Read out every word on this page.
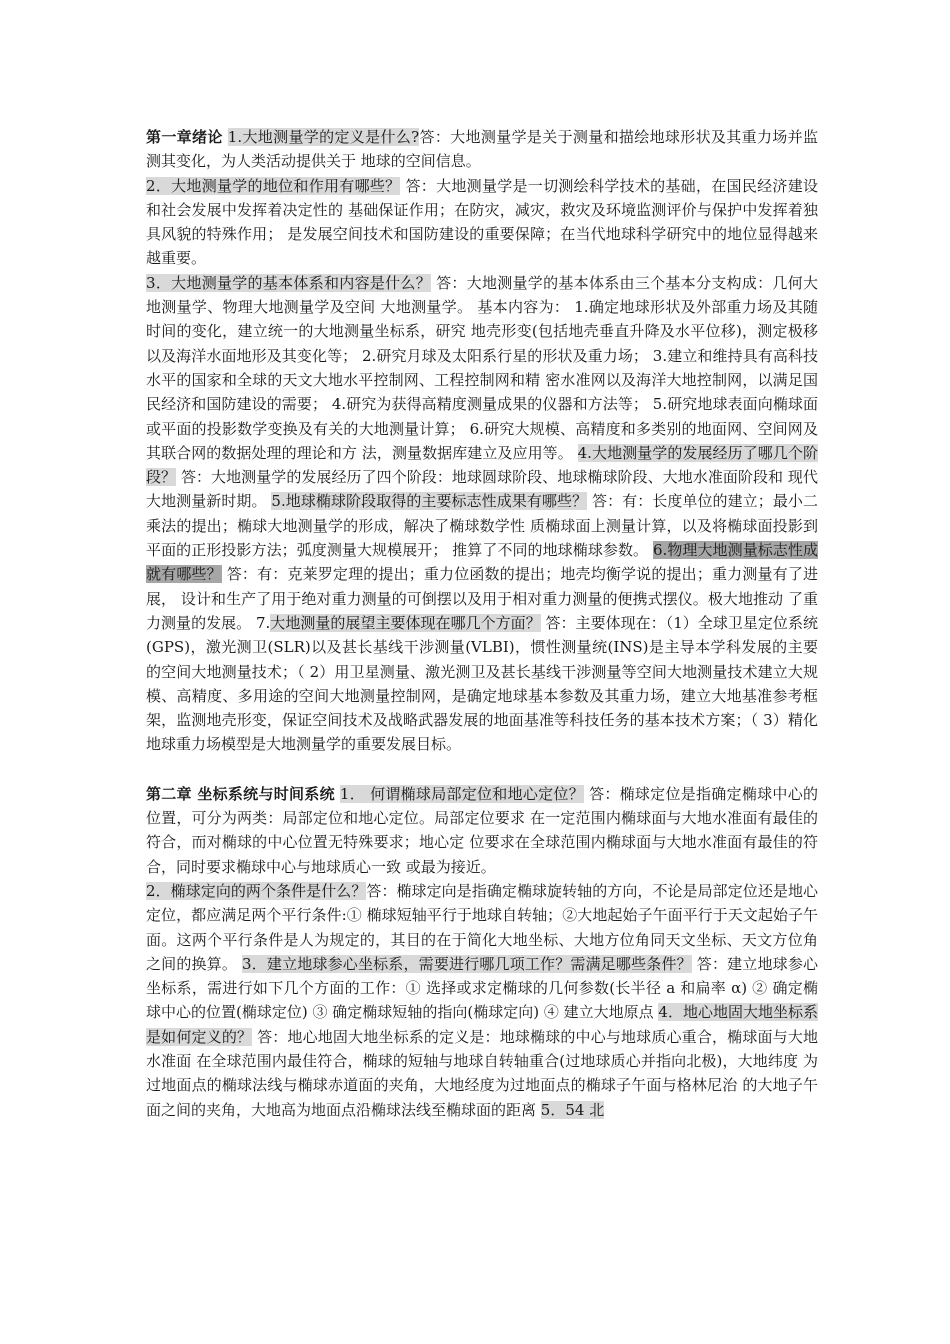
第一章绪论 1.大地测量学的定义是什么?答：大地测量学是关于测量和描绘地球形状及其重力场并监测其变化，为人类活动提供关于 地球的空间信息。
2．大地测量学的地位和作用有哪些？ 答：大地测量学是一切测绘科学技术的基础，在国民经济建设和社会发展中发挥着决定性的 基础保证作用；在防灾，减灾，救灾及环境监测评价与保护中发挥着独具风貌的特殊作用； 是发展空间技术和国防建设的重要保障；在当代地球科学研究中的地位显得越来越重要。
3．大地测量学的基本体系和内容是什么？ 答：大地测量学的基本体系由三个基本分支构成：几何大地测量学、物理大地测量学及空间 大地测量学。 基本内容为： 1.确定地球形状及外部重力场及其随时间的变化，建立统一的大地测量坐标系，研究 地壳形变(包括地壳垂直升降及水平位移)，测定极移以及海洋水面地形及其变化等； 2.研究月球及太阳系行星的形状及重力场； 3.建立和维持具有高科技水平的国家和全球的天文大地水平控制网、工程控制网和精 密水准网以及海洋大地控制网，以满足国民经济和国防建设的需要； 4.研究为获得高精度测量成果的仪器和方法等； 5.研究地球表面向椭球面或平面的投影数学变换及有关的大地测量计算； 6.研究大规模、高精度和多类别的地面网、空间网及其联合网的数据处理的理论和方 法，测量数据库建立及应用等。 4.大地测量学的发展经历了哪几个阶段？ 答：大地测量学的发展经历了四个阶段：地球圆球阶段、地球椭球阶段、大地水准面阶段和 现代大地测量新时期。 5.地球椭球阶段取得的主要标志性成果有哪些？ 答：有：长度单位的建立；最小二乘法的提出；椭球大地测量学的形成，解决了椭球数学性 质椭球面上测量计算，以及将椭球面投影到平面的正形投影方法；弧度测量大规模展开； 推算了不同的地球椭球参数。 6.物理大地测量标志性成就有哪些？ 答：有：克莱罗定理的提出；重力位函数的提出；地壳均衡学说的提出；重力测量有了进展， 设计和生产了用于绝对重力测量的可倒摆以及用于相对重力测量的便携式摆仪。极大地推动 了重力测量的发展。 7.大地测量的展望主要体现在哪几个方面？ 答：主要体现在：（1）全球卫星定位系统(GPS)，激光测卫(SLR)以及甚长基线干涉测量(VLBI)，惯性测量统(INS)是主导本学科发展的主要的空间大地测量技术；（ 2）用卫星测量、激光测卫及甚长基线干涉测量等空间大地测量技术建立大规模、高精度、多用途的空间大地测量控制网，是确定地球基本参数及其重力场，建立大地基准参考框架，监测地壳形变，保证空间技术及战略武器发展的地面基准等科技任务的基本技术方案；（ 3）精化地球重力场模型是大地测量学的重要发展目标。

第二章 坐标系统与时间系统 1． 何谓椭球局部定位和地心定位？ 答：椭球定位是指确定椭球中心的位置，可分为两类：局部定位和地心定位。局部定位要求 在一定范围内椭球面与大地水准面有最佳的符合，而对椭球的中心位置无特殊要求；地心定 位要求在全球范围内椭球面与大地水准面有最佳的符合，同时要求椭球中心与地球质心一致 或最为接近。
2．椭球定向的两个条件是什么？答：椭球定向是指确定椭球旋转轴的方向，不论是局部定位还是地心定位，都应满足两个平行条件:① 椭球短轴平行于地球自转轴；②大地起始子午面平行于天文起始子午面。这两个平行条件是人为规定的，其目的在于简化大地坐标、大地方位角同天文坐标、天文方位角之间的换算。 3．建立地球参心坐标系，需要进行哪几项工作？需满足哪些条件？ 答：建立地球参心坐标系，需进行如下几个方面的工作：① 选择或求定椭球的几何参数(长半径 a 和扁率 α) ② 确定椭球中心的位置(椭球定位) ③ 确定椭球短轴的指向(椭球定向) ④ 建立大地原点 4．地心地固大地坐标系是如何定义的？ 答：地心地固大地坐标系的定义是：地球椭球的中心与地球质心重合，椭球面与大地水准面 在全球范围内最佳符合，椭球的短轴与地球自转轴重合(过地球质心并指向北极)，大地纬度 为过地面点的椭球法线与椭球赤道面的夹角，大地经度为过地面点的椭球子午面与格林尼治 的大地子午面之间的夹角，大地高为地面点沿椭球法线至椭球面的距离 5．54 北
